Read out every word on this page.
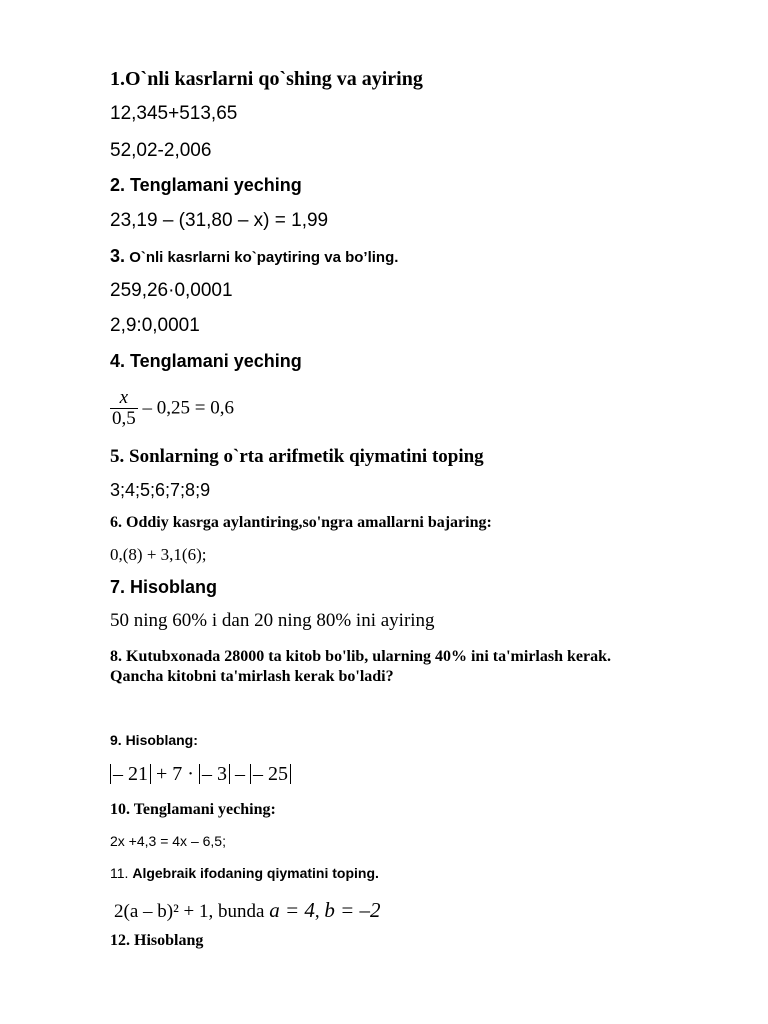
1.O`nli kasrlarni qo`shing va ayiring

12,345+513,65

52,02-2,006

2. Tenglamani yeching

23,19 – (31,80 – x) = 1,99

3. O`nli kasrlarni ko`paytiring va bo’ling.

259,26·0,0001

2,9:0,0001

4. Tenglamani yeching

$\frac{x}{0,5} - 0,25 = 0,6$

5. Sonlarning o`rta arifmetik qiymatini toping

3;4;5;6;7;8;9

6. Oddiy kasrga aylantiring,so'ngra amallarni bajaring:

0,(8) + 3,1(6);

7. Hisoblang

50 ning 60% i dan 20 ning 80% ini ayiring

8. Kutubxonada 28000 ta kitob bo'lib, ularning 40% ini ta'mirlash kerak.

Qancha kitobni ta'mirlash kerak bo'ladi?

9. Hisoblang:

– 21 + 7 · – 3 – – 25

10. Tenglamani yeching:

2x +4,3 = 4x – 6,5;

11. Algebraik ifodaning qiymatini toping.

2(a – b)² + 1, bunda a = 4, b = –2

12. Hisoblang
